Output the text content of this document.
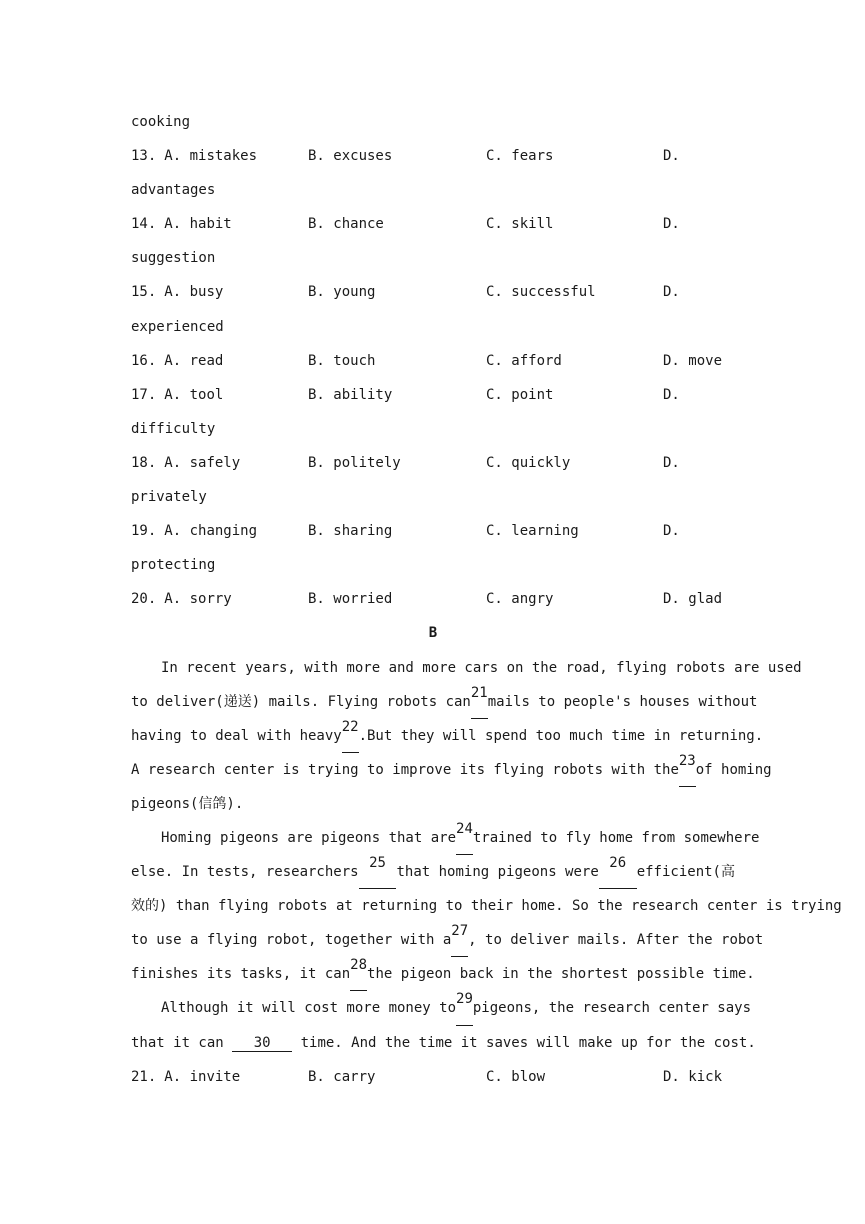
cooking
13. A. mistakes	B. excuses	C. fears	D.
advantages
14. A. habit	B. chance	C. skill	D.
suggestion
15. A. busy	B. young	C. successful	D.
experienced
16. A. read	B. touch	C. afford	D. move
17. A. tool	B. ability	C. point	D.
difficulty
18. A. safely	B. politely	C. quickly	D.
privately
19. A. changing	B. sharing	C. learning	D.
protecting
20. A. sorry	B. worried	C. angry	D. glad
B
In recent years, with more and more cars on the road, flying robots are used
to deliver(递送) mails. Flying robots can
21
mails to people's houses without
having to deal with heavy
22
.But they will spend too much time in returning.
A research center is trying to improve its flying robots with the
23
of homing
pigeons(信鸽).
Homing pigeons are pigeons that are
24
trained to fly home from somewhere
else. In tests, researchers
25
that homing pigeons were
26
efficient(高
效的) than flying robots at returning to their home. So the research center is trying
to use a flying robot, together with a
27
, to deliver mails. After the robot
finishes its tasks, it can
28
the pigeon back in the shortest possible time.
Although it will cost more money to
29
pigeons, the research center says
that it can 30 time. And the time it saves will make up for the cost.
21. A. invite	B. carry	C. blow	D. kick
